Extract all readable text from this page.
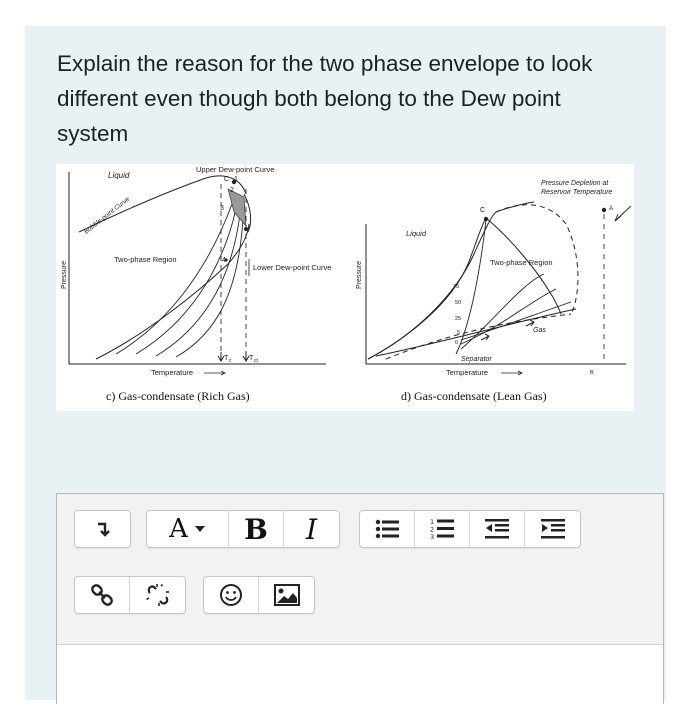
Explain the reason for the two phase envelope to look different even though both belong to the Dew point system

Liquid
Bubble-point Curve
Upper Dew-point Curve
C 1
2
3
4
Two-phase Region
Lower Dew-point Curve
Pressure
T c	T ct
Temperature
c) Gas-condensate (Rich Gas)
Pressure Depletion at
Reservoir Temperature
A
C
Liquid
Two-phase Region
75
50
25
5
0
Gas
Separator
Pressure
Temperature	B
d) Gas-condensate (Lean Gas)
A B I	1
2
3
